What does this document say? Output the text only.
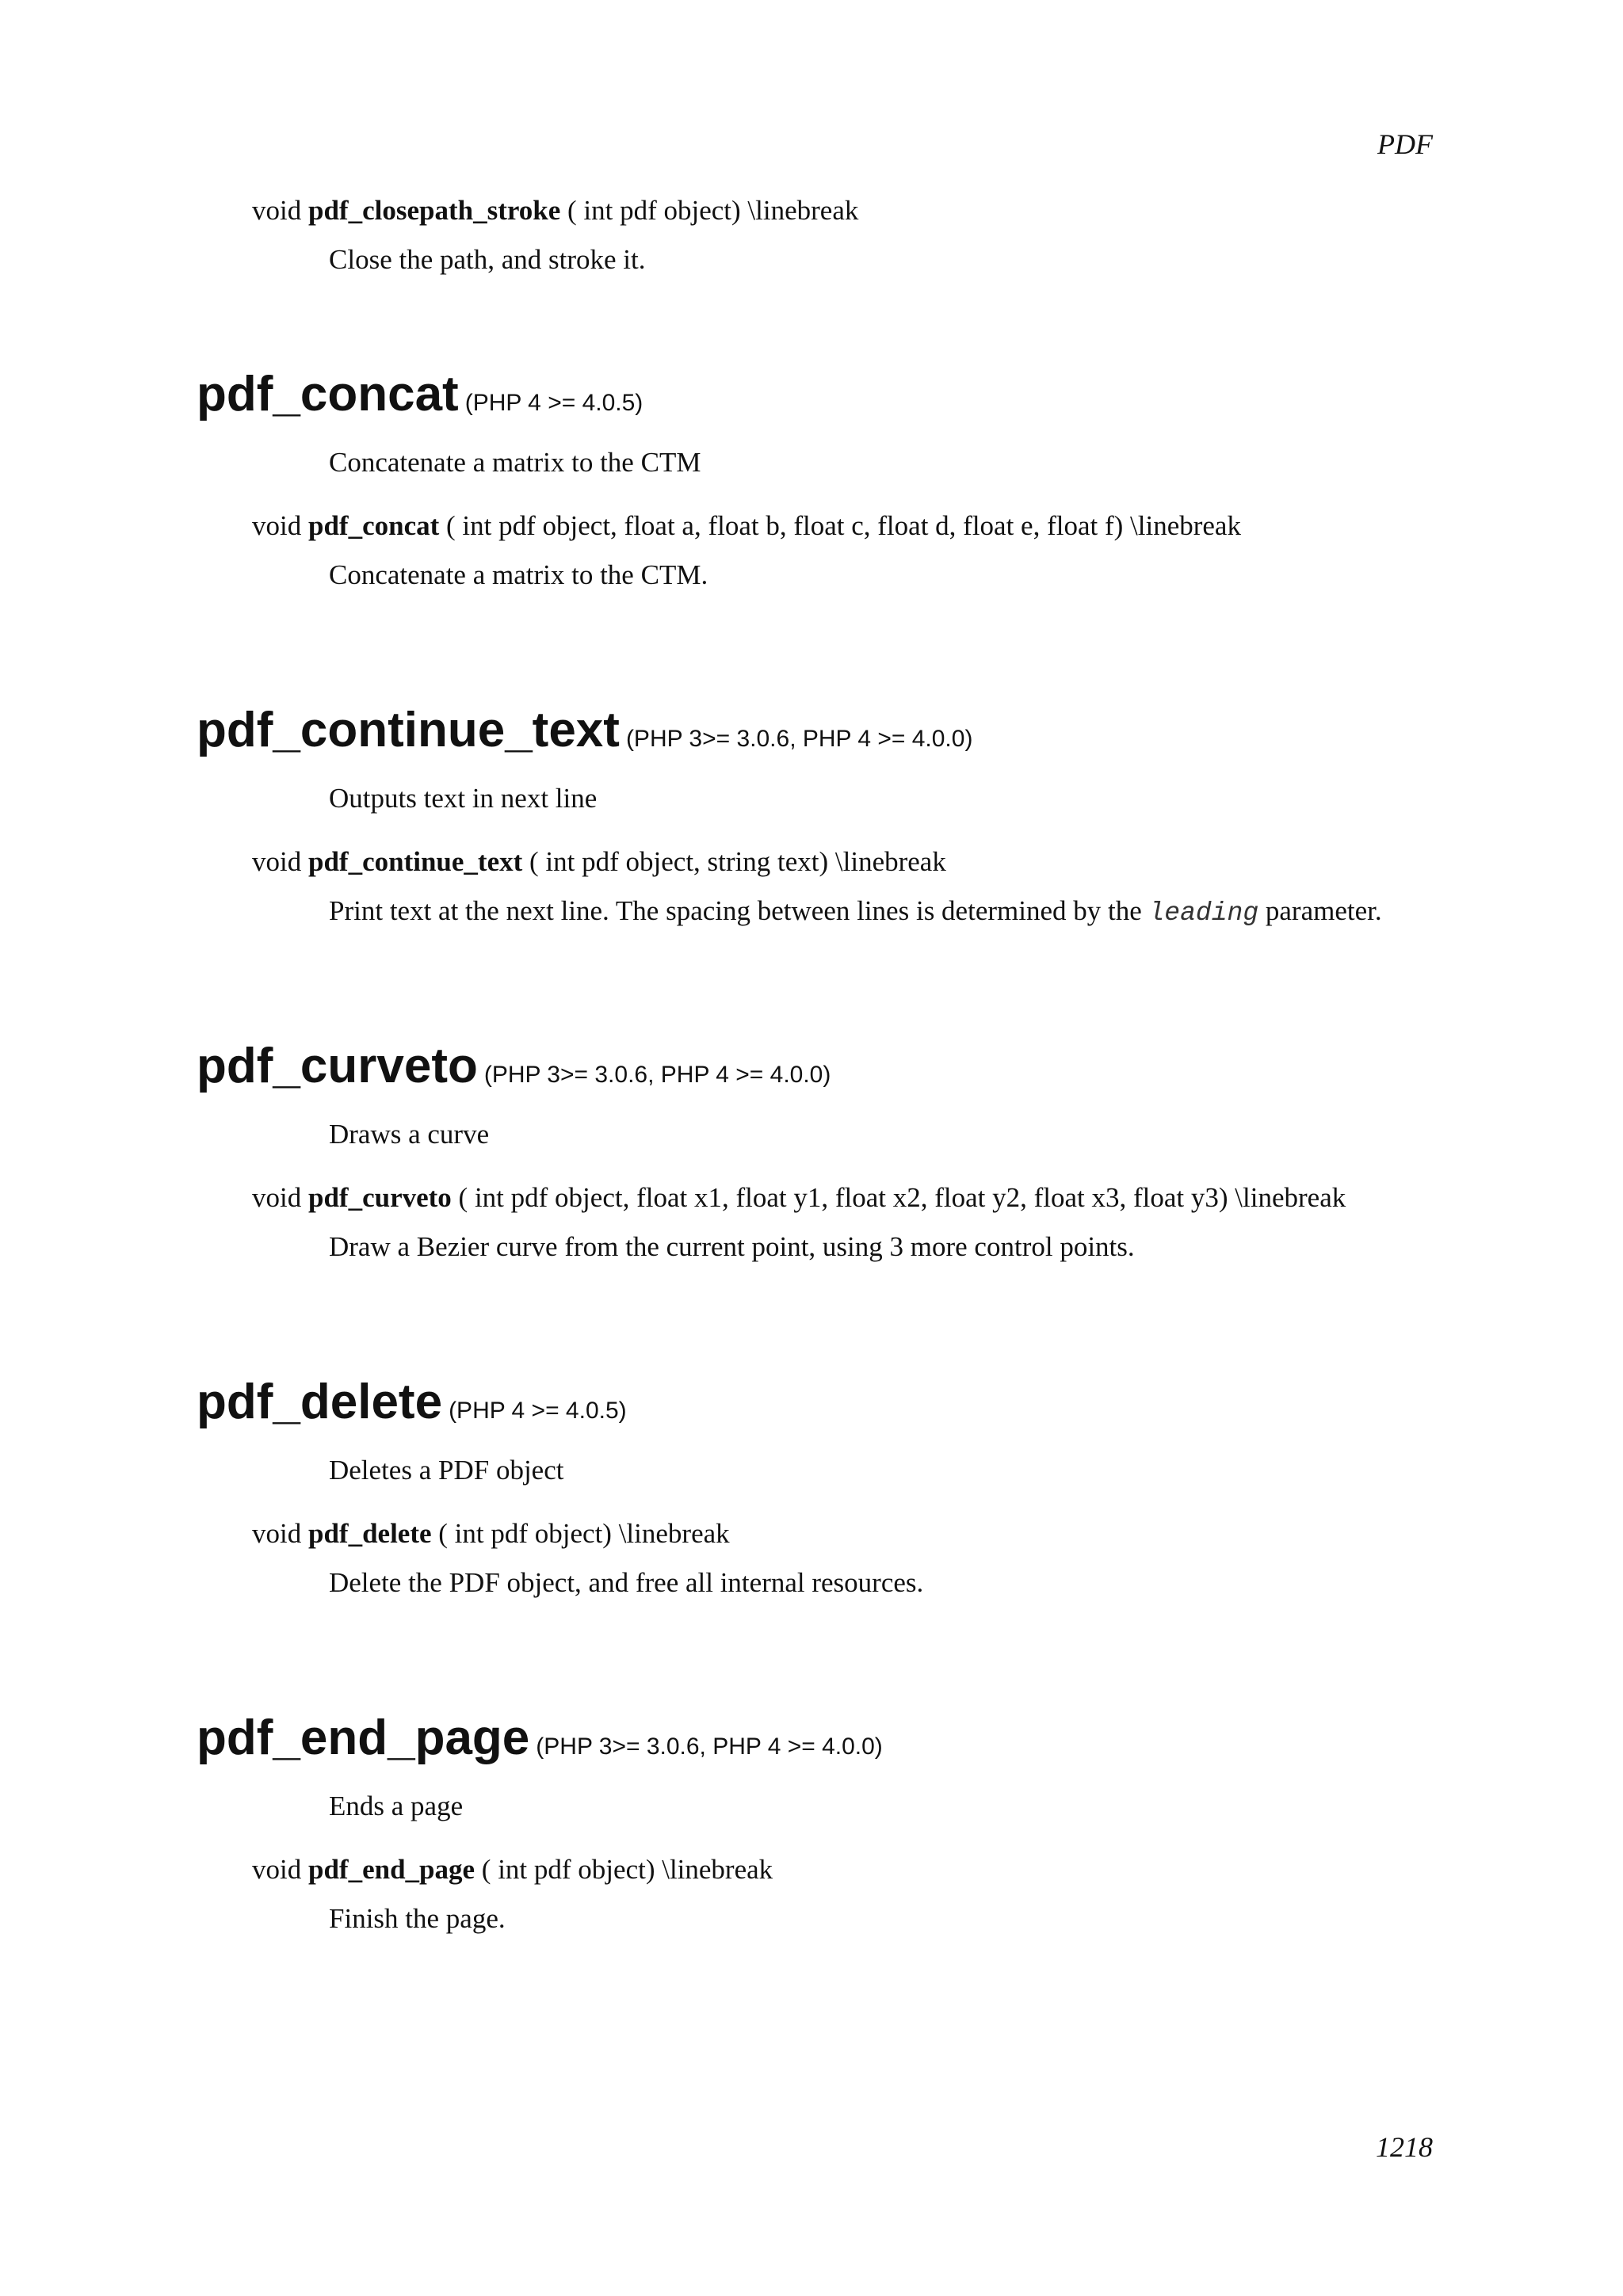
PDF
void pdf_closepath_stroke ( int pdf object) \linebreak
Close the path, and stroke it.
pdf_concat (PHP 4 >= 4.0.5)
Concatenate a matrix to the CTM
void pdf_concat ( int pdf object, float a, float b, float c, float d, float e, float f) \linebreak
Concatenate a matrix to the CTM.
pdf_continue_text (PHP 3>= 3.0.6, PHP 4 >= 4.0.0)
Outputs text in next line
void pdf_continue_text ( int pdf object, string text) \linebreak
Print text at the next line. The spacing between lines is determined by the leading parameter.
pdf_curveto (PHP 3>= 3.0.6, PHP 4 >= 4.0.0)
Draws a curve
void pdf_curveto ( int pdf object, float x1, float y1, float x2, float y2, float x3, float y3) \linebreak
Draw a Bezier curve from the current point, using 3 more control points.
pdf_delete (PHP 4 >= 4.0.5)
Deletes a PDF object
void pdf_delete ( int pdf object) \linebreak
Delete the PDF object, and free all internal resources.
pdf_end_page (PHP 3>= 3.0.6, PHP 4 >= 4.0.0)
Ends a page
void pdf_end_page ( int pdf object) \linebreak
Finish the page.
1218
